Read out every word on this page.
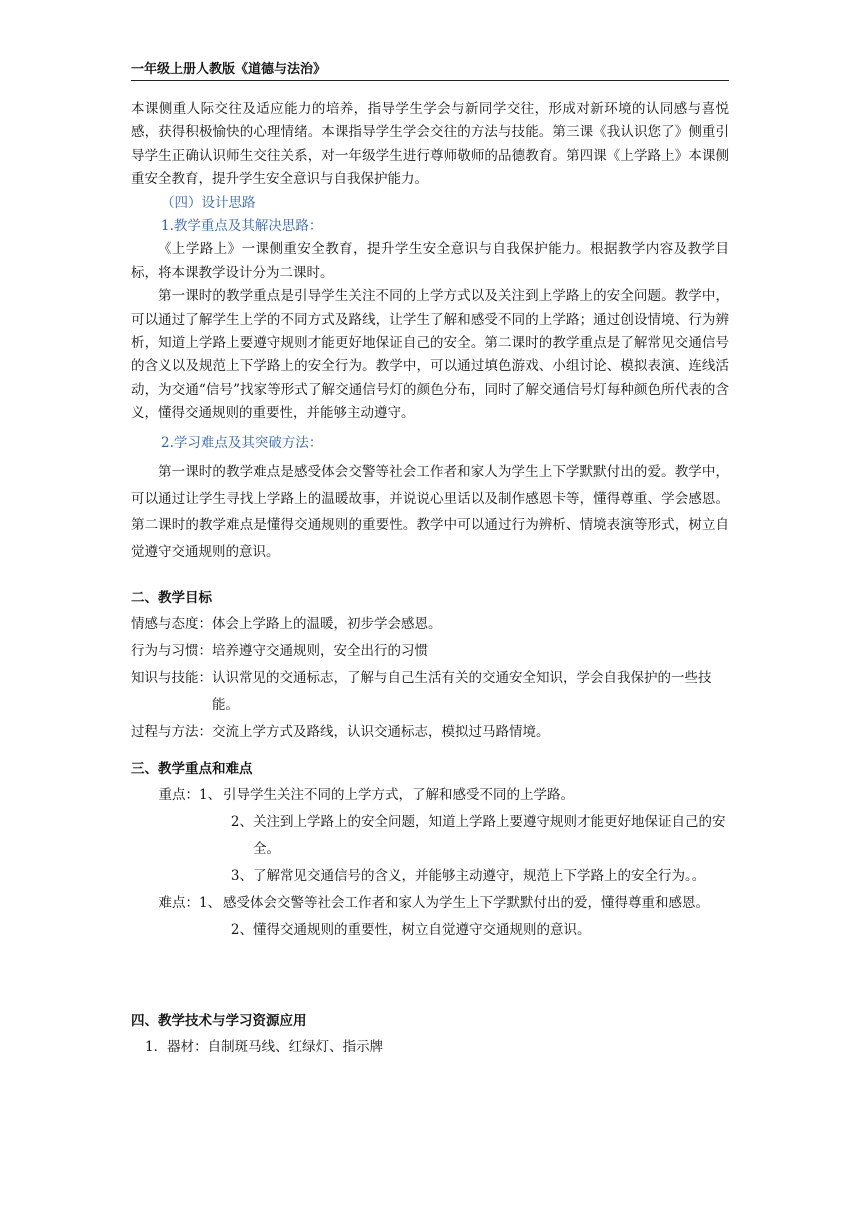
一年级上册人教版《道德与法治》

本课侧重人际交往及适应能力的培养，指导学生学会与新同学交往，形成对新环境的认同感与喜悦感，获得积极愉快的心理情绪。本课指导学生学会交往的方法与技能。第三课《我认识您了》侧重引导学生正确认识师生交往关系，对一年级学生进行尊师敬师的品德教育。第四课《上学路上》本课侧重安全教育，提升学生安全意识与自我保护能力。

（四）设计思路

1.教学重点及其解决思路：

《上学路上》一课侧重安全教育，提升学生安全意识与自我保护能力。根据教学内容及教学目标，将本课教学设计分为二课时。

第一课时的教学重点是引导学生关注不同的上学方式以及关注到上学路上的安全问题。教学中，可以通过了解学生上学的不同方式及路线，让学生了解和感受不同的上学路；通过创设情境、行为辨析，知道上学路上要遵守规则才能更好地保证自己的安全。第二课时的教学重点是了解常见交通信号的含义以及规范上下学路上的安全行为。教学中，可以通过填色游戏、小组讨论、模拟表演、连线活动，为交通“信号”找家等形式了解交通信号灯的颜色分布，同时了解交通信号灯每种颜色所代表的含义，懂得交通规则的重要性，并能够主动遵守。

2.学习难点及其突破方法：

第一课时的教学难点是感受体会交警等社会工作者和家人为学生上下学默默付出的爱。教学中，可以通过让学生寻找上学路上的温暖故事，并说说心里话以及制作感恩卡等，懂得尊重、学会感恩。第二课时的教学难点是懂得交通规则的重要性。教学中可以通过行为辨析、情境表演等形式，树立自觉遵守交通规则的意识。

二、教学目标

情感与态度： 体会上学路上的温暖，初步学会感恩。
行为与习惯： 培养遵守交通规则，安全出行的习惯
知识与技能： 认识常见的交通标志，了解与自己生活有关的交通安全知识，学会自我保护的一些技能。
过程与方法： 交流上学方式及路线，认识交通标志，模拟过马路情境。

三、教学重点和难点

重点： 1、 引导学生关注不同的上学方式，了解和感受不同的上学路。
2、 关注到上学路上的安全问题，知道上学路上要遵守规则才能更好地保证自己的安全。
3、 了解常见交通信号的含义，并能够主动遵守，规范上下学路上的安全行为。。
难点： 1、 感受体会交警等社会工作者和家人为学生上下学默默付出的爱，懂得尊重和感恩。
2、 懂得交通规则的重要性，树立自觉遵守交通规则的意识。

四、教学技术与学习资源应用

1．器材：自制斑马线、红绿灯、指示牌
